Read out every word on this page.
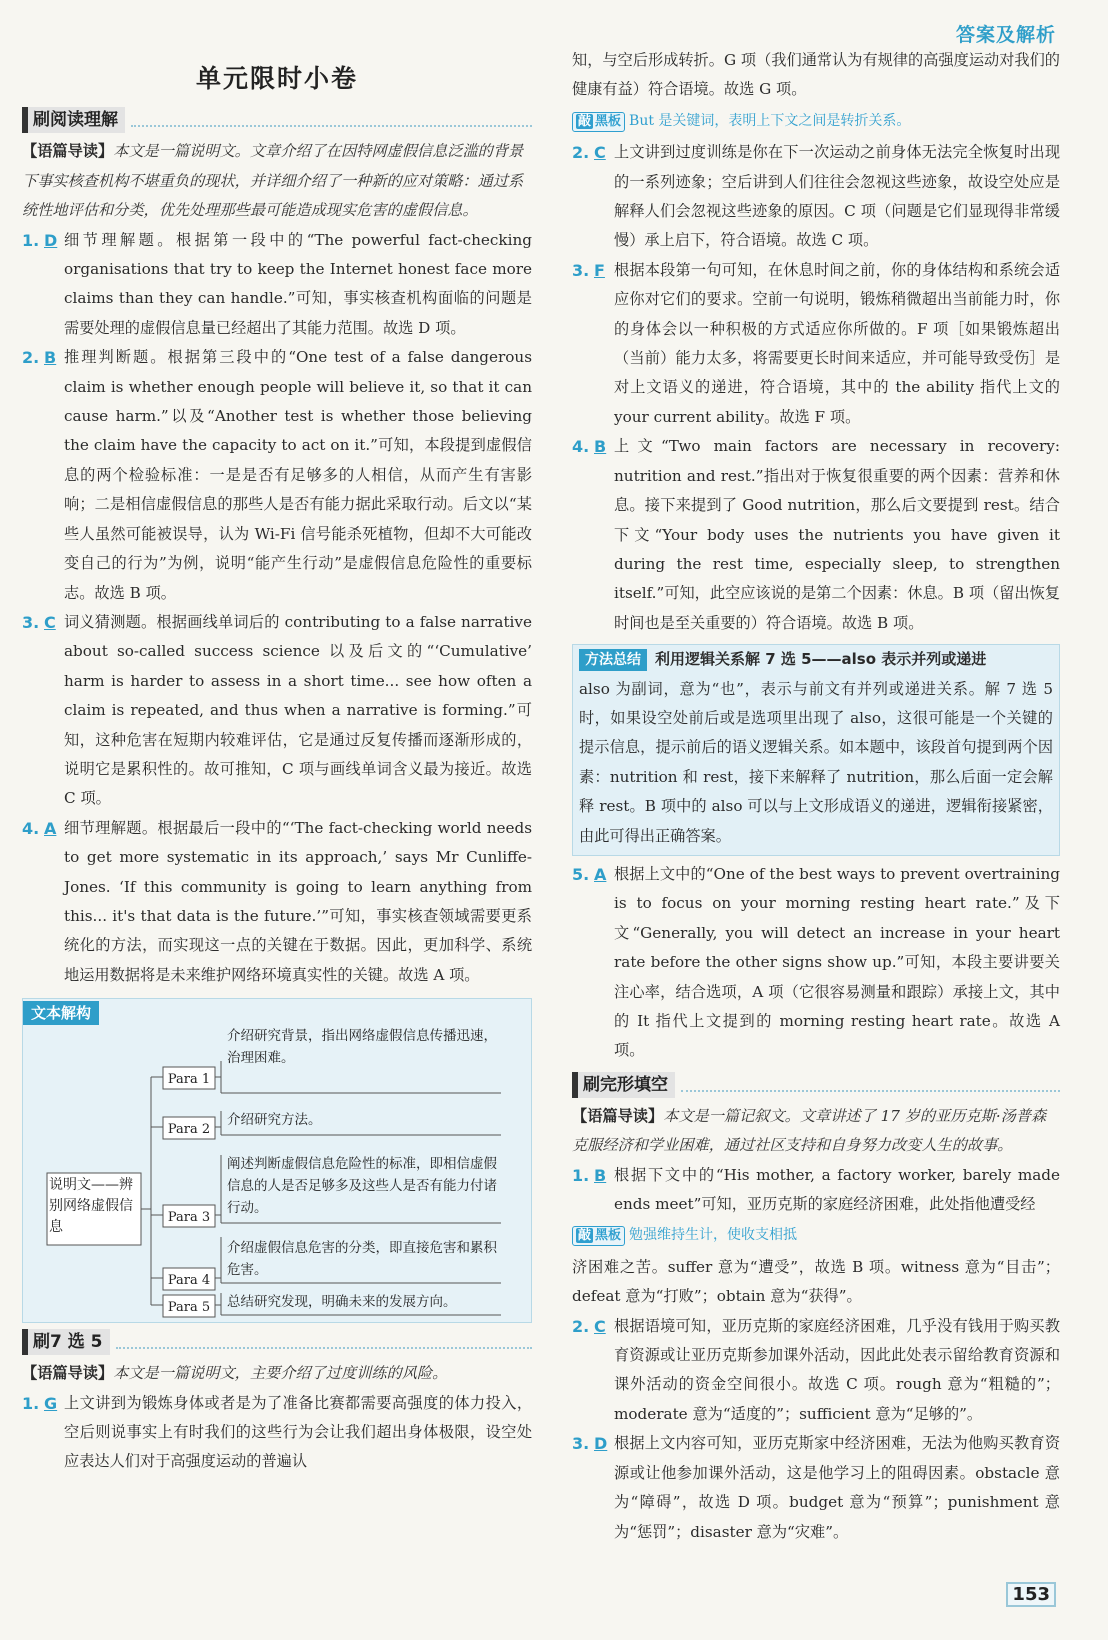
答案及解析
单元限时小卷
刷阅读理解
【语篇导读】本文是一篇说明文。文章介绍了在因特网虚假信息泛滥的背景下事实核查机构不堪重负的现状，并详细介绍了一种新的应对策略：通过系统性地评估和分类，优先处理那些最可能造成现实危害的虚假信息。
1. D 细节理解题。根据第一段中的“The powerful fact-checking organisations that try to keep the Internet honest face more claims than they can handle.”可知，事实核查机构面临的问题是需要处理的虚假信息量已经超出了其能力范围。故选 D 项。
2. B 推理判断题。根据第三段中的“One test of a false dangerous claim is whether enough people will believe it, so that it can cause harm.”以及“Another test is whether those believing the claim have the capacity to act on it.”可知，本段提到虚假信息的两个检验标准：一是是否有足够多的人相信，从而产生有害影响；二是相信虚假信息的那些人是否有能力据此采取行动。后文以“某些人虽然可能被误导，认为 Wi-Fi 信号能杀死植物，但却不大可能改变自己的行为”为例，说明“能产生行动”是虚假信息危险性的重要标志。故选 B 项。
3. C 词义猜测题。根据画线单词后的 contributing to a false narrative about so-called success science 以及后文的“‘Cumulative’ harm is harder to assess in a short time... see how often a claim is repeated, and thus when a narrative is forming.”可知，这种危害在短期内较难评估，它是通过反复传播而逐渐形成的，说明它是累积性的。故可推知，C 项与画线单词含义最为接近。故选 C 项。
4. A 细节理解题。根据最后一段中的“‘The fact-checking world needs to get more systematic in its approach,’ says Mr Cunliffe-Jones. ‘If this community is going to learn anything from this... it's that data is the future.’”可知，事实核查领域需要更系统化的方法，而实现这一点的关键在于数据。因此，更加科学、系统地运用数据将是未来维护网络环境真实性的关键。故选 A 项。
文本解构
说明文——辨别网络虚假信息
Para 1
介绍研究背景，指出网络虚假信息传播迅速，治理困难。
Para 2
介绍研究方法。
Para 3
阐述判断虚假信息危险性的标准，即相信虚假信息的人是否足够多及这些人是否有能力付诸行动。
Para 4
介绍虚假信息危害的分类，即直接危害和累积危害。
Para 5 总结研究发现，明确未来的发展方向。
刷7 选 5
【语篇导读】本文是一篇说明文，主要介绍了过度训练的风险。
1. G 上文讲到为锻炼身体或者是为了准备比赛都需要高强度的体力投入，空后则说事实上有时我们的这些行为会让我们超出身体极限，设空处应表达人们对于高强度运动的普遍认
知，与空后形成转折。G 项（我们通常认为有规律的高强度运动对我们的健康有益）符合语境。故选 G 项。
敲 黑板 But 是关键词，表明上下文之间是转折关系。
2. C 上文讲到过度训练是你在下一次运动之前身体无法完全恢复时出现的一系列迹象；空后讲到人们往往会忽视这些迹象，故设空处应是解释人们会忽视这些迹象的原因。C 项（问题是它们显现得非常缓慢）承上启下，符合语境。故选 C 项。
3. F 根据本段第一句可知，在休息时间之前，你的身体结构和系统会适应你对它们的要求。空前一句说明，锻炼稍微超出当前能力时，你的身体会以一种积极的方式适应你所做的。F 项［如果锻炼超出（当前）能力太多，将需要更长时间来适应，并可能导致受伤］是对上文语义的递进，符合语境，其中的 the ability 指代上文的 your current ability。故选 F 项。
4. B 上文“Two main factors are necessary in recovery: nutrition and rest.”指出对于恢复很重要的两个因素：营养和休息。接下来提到了 Good nutrition，那么后文要提到 rest。结合下文“Your body uses the nutrients you have given it during the rest time, especially sleep, to strengthen itself.”可知，此空应该说的是第二个因素：休息。B 项（留出恢复时间也是至关重要的）符合语境。故选 B 项。
方法总结 利用逻辑关系解 7 选 5——also 表示并列或递进
also 为副词，意为“也”，表示与前文有并列或递进关系。解 7 选 5 时，如果设空处前后或是选项里出现了 also，这很可能是一个关键的提示信息，提示前后的语义逻辑关系。如本题中，该段首句提到两个因素：nutrition 和 rest，接下来解释了 nutrition，那么后面一定会解释 rest。B 项中的 also 可以与上文形成语义的递进，逻辑衔接紧密，由此可得出正确答案。
5. A 根据上文中的“One of the best ways to prevent overtraining is to focus on your morning resting heart rate.”及下文“Generally, you will detect an increase in your heart rate before the other signs show up.”可知，本段主要讲要关注心率，结合选项，A 项（它很容易测量和跟踪）承接上文，其中的 It 指代上文提到的 morning resting heart rate。故选 A 项。
刷完形填空
【语篇导读】本文是一篇记叙文。文章讲述了 17 岁的亚历克斯·汤普森克服经济和学业困难，通过社区支持和自身努力改变人生的故事。
1. B 根据下文中的“His mother, a factory worker, barely made ends meet”可知，亚历克斯的家庭经济困难，此处指他遭受经
敲 黑板 勉强维持生计，使收支相抵
济困难之苦。suffer 意为“遭受”，故选 B 项。witness 意为“目击”；defeat 意为“打败”；obtain 意为“获得”。
2. C 根据语境可知，亚历克斯的家庭经济困难，几乎没有钱用于购买教育资源或让亚历克斯参加课外活动，因此此处表示留给教育资源和课外活动的资金空间很小。故选 C 项。rough 意为“粗糙的”；moderate 意为“适度的”；sufficient 意为“足够的”。
3. D 根据上文内容可知，亚历克斯家中经济困难，无法为他购买教育资源或让他参加课外活动，这是他学习上的阻碍因素。obstacle 意为“障碍”，故选 D 项。budget 意为“预算”；punishment 意为“惩罚”；disaster 意为“灾难”。
153
